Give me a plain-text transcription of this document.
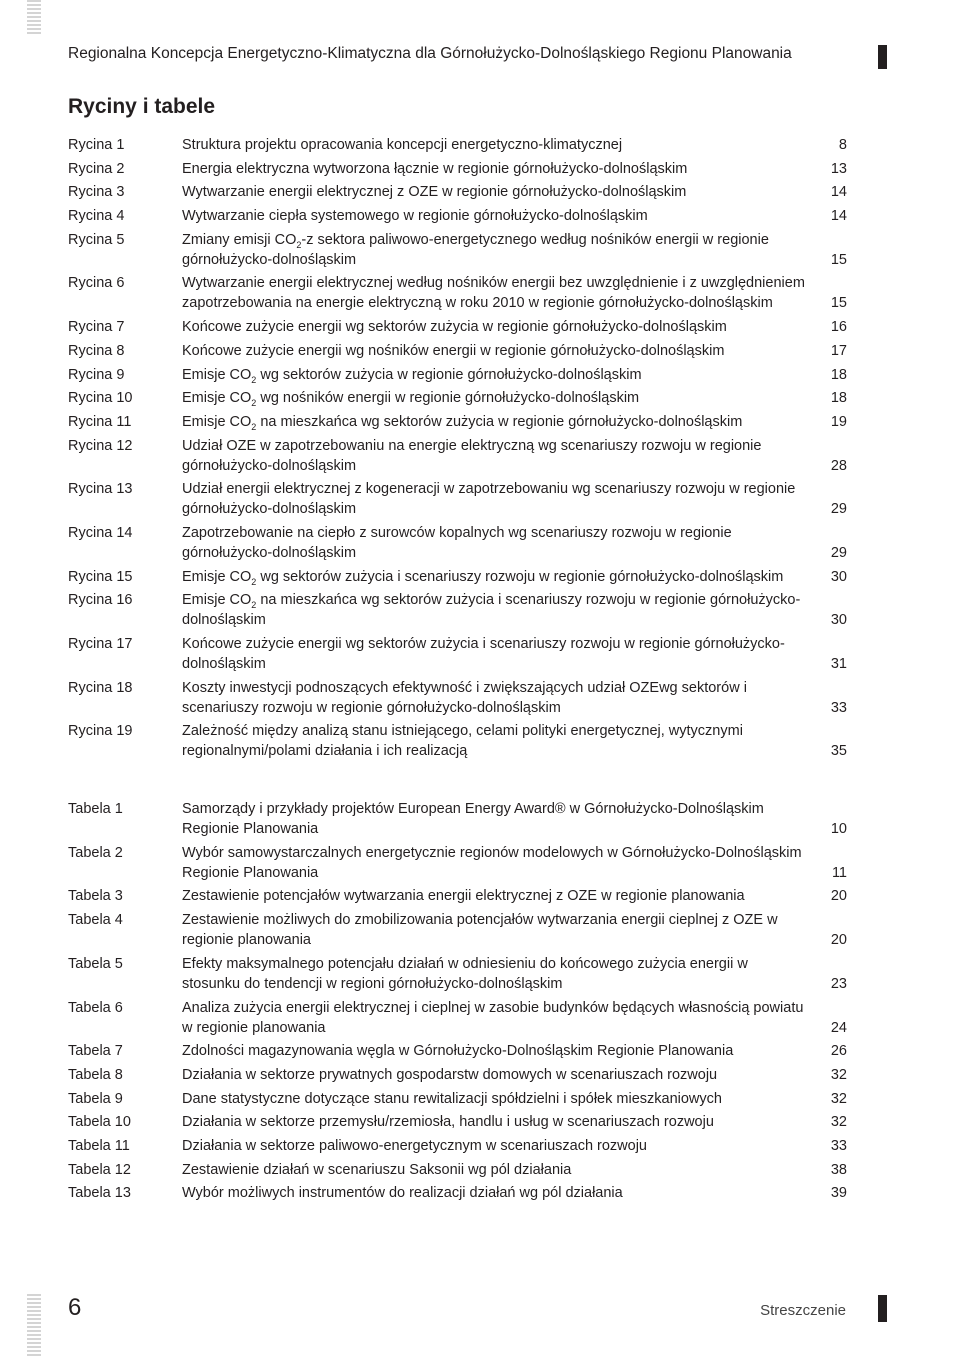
Regionalna Koncepcja Energetyczno-Klimatyczna dla Górnołużycko-Dolnośląskiego Regionu Planowania
Ryciny i tabele
Rycina 1	Struktura projektu opracowania koncepcji energetyczno-klimatycznej	8
Rycina 2	Energia elektryczna wytworzona łącznie w regionie górnołużycko-dolnośląskim	13
Rycina 3	Wytwarzanie energii elektrycznej z OZE w regionie górnołużycko-dolnośląskim	14
Rycina 4	Wytwarzanie ciepła systemowego w regionie górnołużycko-dolnośląskim	14
Rycina 5	Zmiany emisji $CO_2-z$ sektora paliwowo-energetycznego według nośników energii w regionie górnołużycko-dolnośląskim	15
Rycina 6	Wytwarzanie energii elektrycznej według nośników energii bez uwzględnienie i z uwzględnieniem zapotrzebowania na energie elektryczną w roku 2010 w regionie górnołużycko-dolnośląskim	15
Rycina 7	Końcowe zużycie energii wg sektorów zużycia w regionie górnołużycko-dolnośląskim	16
Rycina 8	Końcowe zużycie energii wg nośników energii w regionie górnołużycko-dolnośląskim	17
Rycina 9	Emisje $CO_2$ wg sektorów zużycia w regionie górnołużycko-dolnośląskim	18
Rycina 10	Emisje $CO_2$ wg nośników energii w regionie górnołużycko-dolnośląskim	18
Rycina 11	Emisje $CO_2$ na mieszkańca wg sektorów zużycia w regionie górnołużycko-dolnośląskim	19
Rycina 12	Udział OZE w zapotrzebowaniu na energie elektryczną wg scenariuszy rozwoju w regionie górnołużycko-dolnośląskim	28
Rycina 13	Udział energii elektrycznej z kogeneracji w zapotrzebowaniu wg scenariuszy rozwoju w regionie górnołużycko-dolnośląskim	29
Rycina 14	Zapotrzebowanie na ciepło z surowców kopalnych wg scenariuszy rozwoju w regionie górnołużycko-dolnośląskim	29
Rycina 15	Emisje $CO_2$ wg sektorów zużycia i scenariuszy rozwoju w regionie górnołużycko-dolnośląskim	30
Rycina 16	Emisje $CO_2$ na mieszkańca wg sektorów zużycia i scenariuszy rozwoju w regionie górnołużycko-dolnośląskim	30
Rycina 17	Końcowe zużycie energii wg sektorów zużycia i scenariuszy rozwoju w regionie górnołużycko-dolnośląskim	31
Rycina 18	Koszty inwestycji podnoszących efektywność i zwiększających udział OZEwg sektorów i scenariuszy rozwoju w regionie górnołużycko-dolnośląskim	33
Rycina 19	Zależność między analizą stanu istniejącego, celami polityki energetycznej, wytycznymi regionalnymi/polami działania i ich realizacją	35
Tabela 1	Samorządy i przykłady projektów European Energy Award® w Górnołużycko-Dolnośląskim Regionie Planowania	10
Tabela 2	Wybór samowystarczalnych energetycznie regionów modelowych w Górnołużycko-Dolnośląskim Regionie Planowania	11
Tabela 3	Zestawienie potencjałów wytwarzania energii elektrycznej z OZE w regionie planowania	20
Tabela 4	Zestawienie możliwych do zmobilizowania potencjałów wytwarzania energii cieplnej z OZE w regionie planowania	20
Tabela 5	Efekty maksymalnego potencjału działań w odniesieniu do końcowego zużycia energii w stosunku do tendencji w regioni górnołużycko-dolnośląskim	23
Tabela 6	Analiza zużycia energii elektrycznej i cieplnej w zasobie budynków będących własnością powiatu w regionie planowania	24
Tabela 7	Zdolności magazynowania węgla w Górnołużycko-Dolnośląskim Regionie Planowania	26
Tabela 8	Działania w sektorze prywatnych gospodarstw domowych w scenariuszach rozwoju	32
Tabela 9	Dane statystyczne dotyczące stanu rewitalizacji spółdzielni i spółek mieszkaniowych	32
Tabela 10	Działania w sektorze przemysłu/rzemiosła, handlu i usług w scenariuszach rozwoju	32
Tabela 11	Działania w sektorze paliwowo-energetycznym w scenariuszach rozwoju	33
Tabela 12	Zestawienie działań w scenariuszu Saksonii wg pól działania	38
Tabela 13	Wybór możliwych instrumentów do realizacji działań wg pól działania	39
6	Streszczenie
